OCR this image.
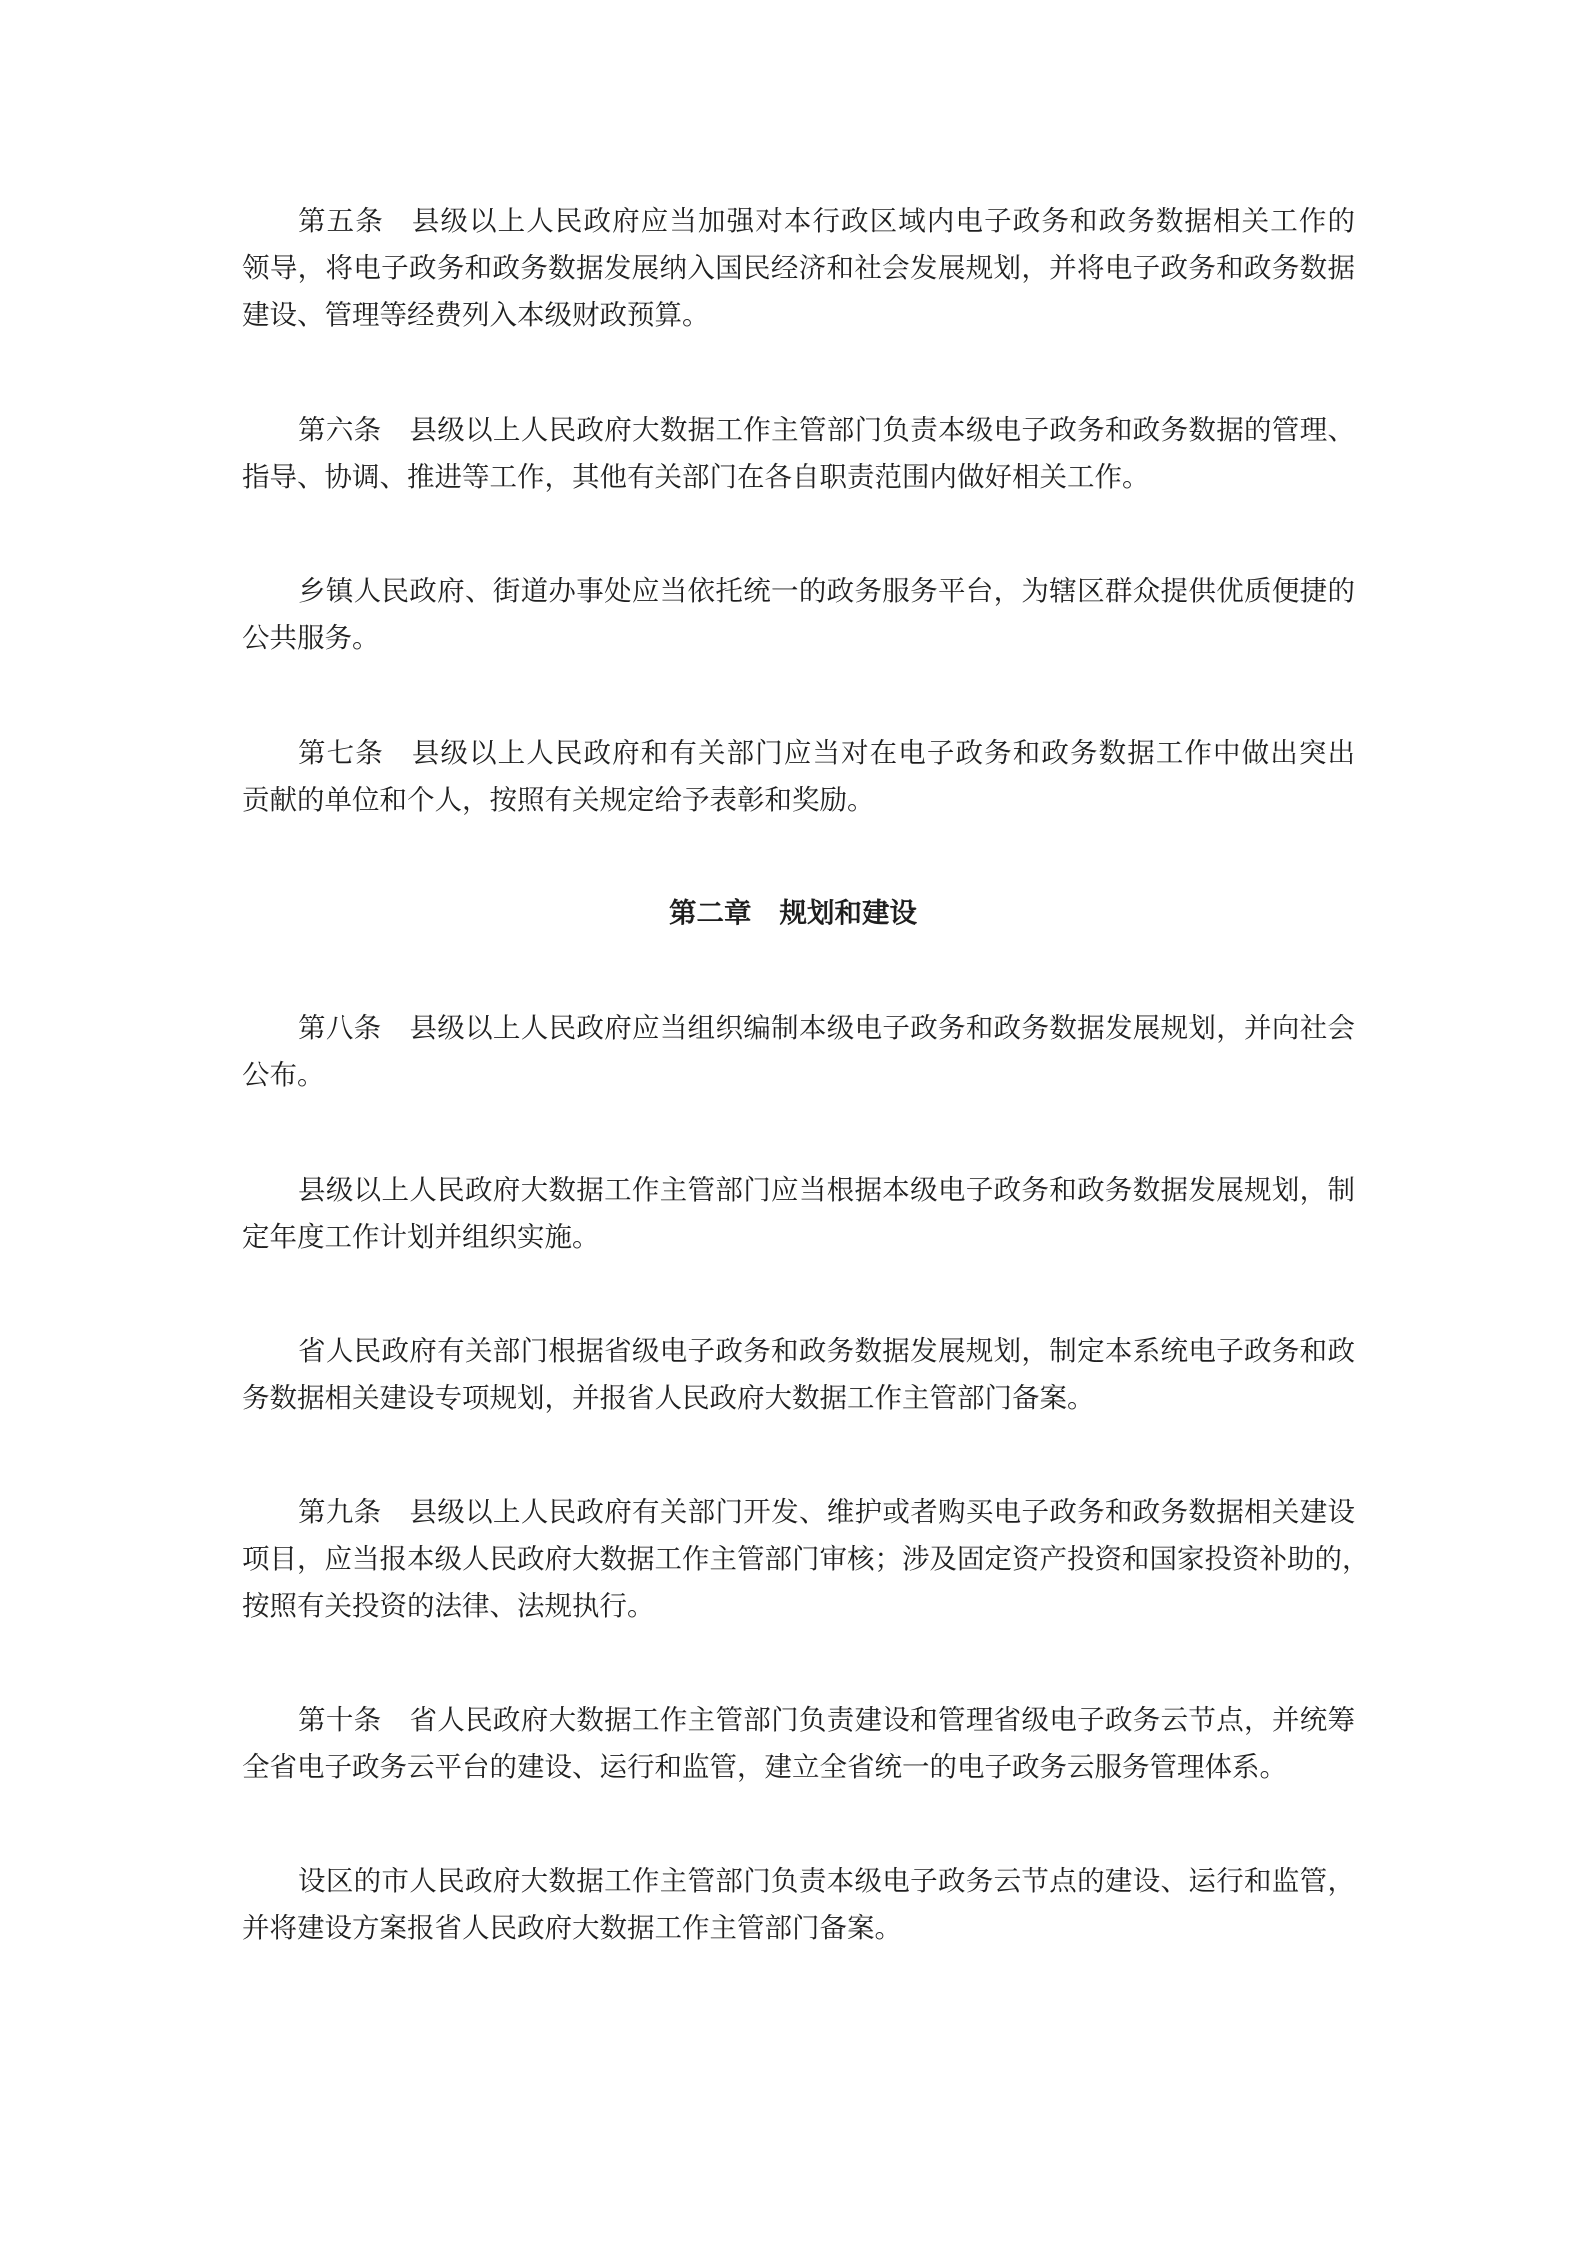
第五条 县级以上人民政府应当加强对本行政区域内电子政务和政务数据相关工作的
领导，将电子政务和政务数据发展纳入国民经济和社会发展规划，并将电子政务和政务数据
建设、管理等经费列入本级财政预算。
第六条 县级以上人民政府大数据工作主管部门负责本级电子政务和政务数据的管理、
指导、协调、推进等工作，其他有关部门在各自职责范围内做好相关工作。
乡镇人民政府、街道办事处应当依托统一的政务服务平台，为辖区群众提供优质便捷的
公共服务。
第七条 县级以上人民政府和有关部门应当对在电子政务和政务数据工作中做出突出
贡献的单位和个人，按照有关规定给予表彰和奖励。
第八条 县级以上人民政府应当组织编制本级电子政务和政务数据发展规划，并向社会
公布。
县级以上人民政府大数据工作主管部门应当根据本级电子政务和政务数据发展规划，制
定年度工作计划并组织实施。
省人民政府有关部门根据省级电子政务和政务数据发展规划，制定本系统电子政务和政
务数据相关建设专项规划，并报省人民政府大数据工作主管部门备案。
第九条 县级以上人民政府有关部门开发、维护或者购买电子政务和政务数据相关建设
项目，应当报本级人民政府大数据工作主管部门审核；涉及固定资产投资和国家投资补助的，
按照有关投资的法律、法规执行。
第十条 省人民政府大数据工作主管部门负责建设和管理省级电子政务云节点，并统筹
全省电子政务云平台的建设、运行和监管，建立全省统一的电子政务云服务管理体系。
设区的市人民政府大数据工作主管部门负责本级电子政务云节点的建设、运行和监管，
并将建设方案报省人民政府大数据工作主管部门备案。
第二章 规划和建设
